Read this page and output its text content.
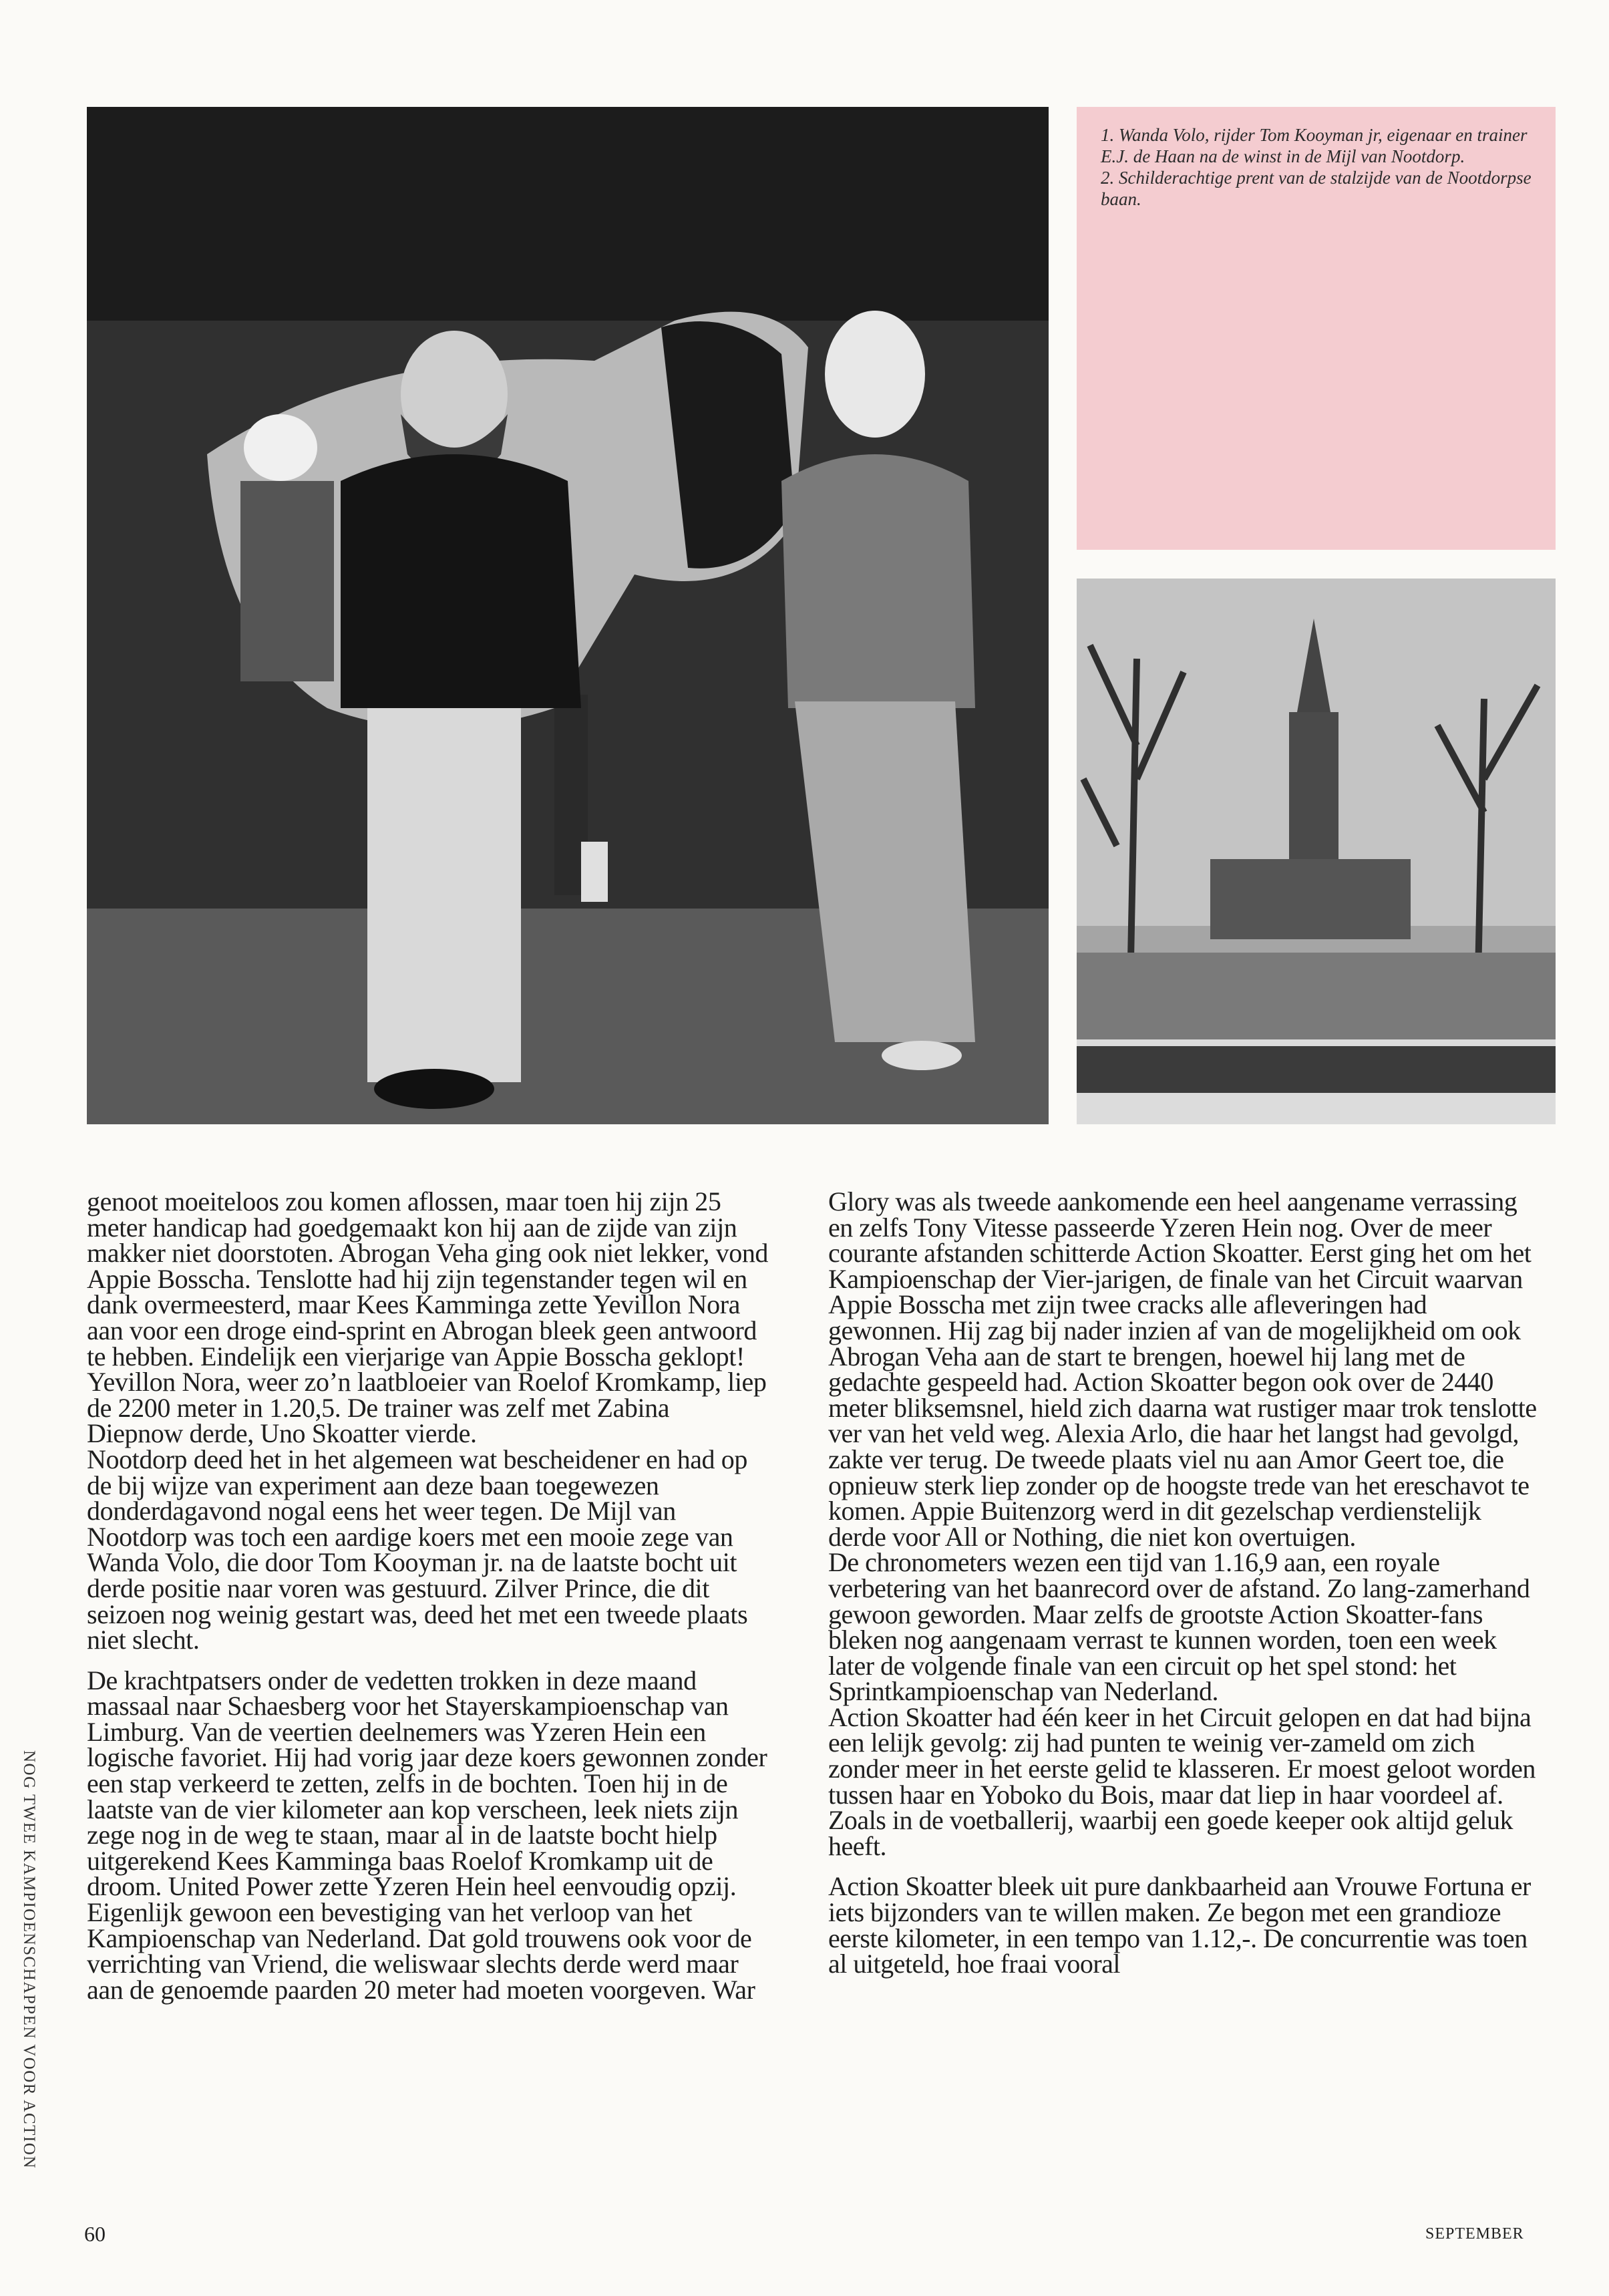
1. Wanda Volo, rijder Tom Kooyman jr, eigenaar en trainer E.J. de Haan na de winst in de Mijl van Nootdorp.

2. Schilderachtige prent van de stalzijde van de Nootdorpse baan.

genoot moeiteloos zou komen aflossen, maar toen hij zijn 25 meter handicap had goedgemaakt kon hij aan de zijde van zijn makker niet doorstoten. Abrogan Veha ging ook niet lekker, vond Appie Bosscha. Tenslotte had hij zijn tegenstander tegen wil en dank overmeesterd, maar Kees Kamminga zette Yevillon Nora aan voor een droge eind-sprint en Abrogan bleek geen antwoord te hebben. Eindelijk een vierjarige van Appie Bosscha geklopt!

Yevillon Nora, weer zo’n laatbloeier van Roelof Kromkamp, liep de 2200 meter in 1.20,5. De trainer was zelf met Zabina Diepnow derde, Uno Skoatter vierde.

Nootdorp deed het in het algemeen wat bescheidener en had op de bij wijze van experiment aan deze baan toegewezen donderdagavond nogal eens het weer tegen. De Mijl van Nootdorp was toch een aardige koers met een mooie zege van Wanda Volo, die door Tom Kooyman jr. na de laatste bocht uit derde positie naar voren was gestuurd. Zilver Prince, die dit seizoen nog weinig gestart was, deed het met een tweede plaats niet slecht.

De krachtpatsers onder de vedetten trokken in deze maand massaal naar Schaesberg voor het Stayerskampioenschap van Limburg. Van de veertien deelnemers was Yzeren Hein een logische favoriet. Hij had vorig jaar deze koers gewonnen zonder een stap verkeerd te zetten, zelfs in de bochten. Toen hij in de laatste van de vier kilometer aan kop verscheen, leek niets zijn zege nog in de weg te staan, maar al in de laatste bocht hielp uitgerekend Kees Kamminga baas Roelof Kromkamp uit de droom. United Power zette Yzeren Hein heel eenvoudig opzij. Eigenlijk gewoon een bevestiging van het verloop van het Kampioenschap van Nederland. Dat gold trouwens ook voor de verrichting van Vriend, die weliswaar slechts derde werd maar aan de genoemde paarden 20 meter had moeten voorgeven. War

Glory was als tweede aankomende een heel aangename verrassing en zelfs Tony Vitesse passeerde Yzeren Hein nog. Over de meer courante afstanden schitterde Action Skoatter. Eerst ging het om het Kampioenschap der Vier-jarigen, de finale van het Circuit waarvan Appie Bosscha met zijn twee cracks alle afleveringen had gewonnen. Hij zag bij nader inzien af van de mogelijkheid om ook Abrogan Veha aan de start te brengen, hoewel hij lang met de gedachte gespeeld had. Action Skoatter begon ook over de 2440 meter bliksemsnel, hield zich daarna wat rustiger maar trok tenslotte ver van het veld weg. Alexia Arlo, die haar het langst had gevolgd, zakte ver terug. De tweede plaats viel nu aan Amor Geert toe, die opnieuw sterk liep zonder op de hoogste trede van het ereschavot te komen. Appie Buitenzorg werd in dit gezelschap verdienstelijk derde voor All or Nothing, die niet kon overtuigen.

De chronometers wezen een tijd van 1.16,9 aan, een royale verbetering van het baanrecord over de afstand. Zo lang-zamerhand gewoon geworden. Maar zelfs de grootste Action Skoatter-fans bleken nog aangenaam verrast te kunnen worden, toen een week later de volgende finale van een circuit op het spel stond: het Sprintkampioenschap van Nederland.

Action Skoatter had één keer in het Circuit gelopen en dat had bijna een lelijk gevolg: zij had punten te weinig ver-zameld om zich zonder meer in het eerste gelid te klasseren. Er moest geloot worden tussen haar en Yoboko du Bois, maar dat liep in haar voordeel af. Zoals in de voetballerij, waarbij een goede keeper ook altijd geluk heeft.

Action Skoatter bleek uit pure dankbaarheid aan Vrouwe Fortuna er iets bijzonders van te willen maken. Ze begon met een grandioze eerste kilometer, in een tempo van 1.12,-. De concurrentie was toen al uitgeteld, hoe fraai vooral

NOG TWEE KAMPIOENSCHAPPEN VOOR ACTION
60	SEPTEMBER
